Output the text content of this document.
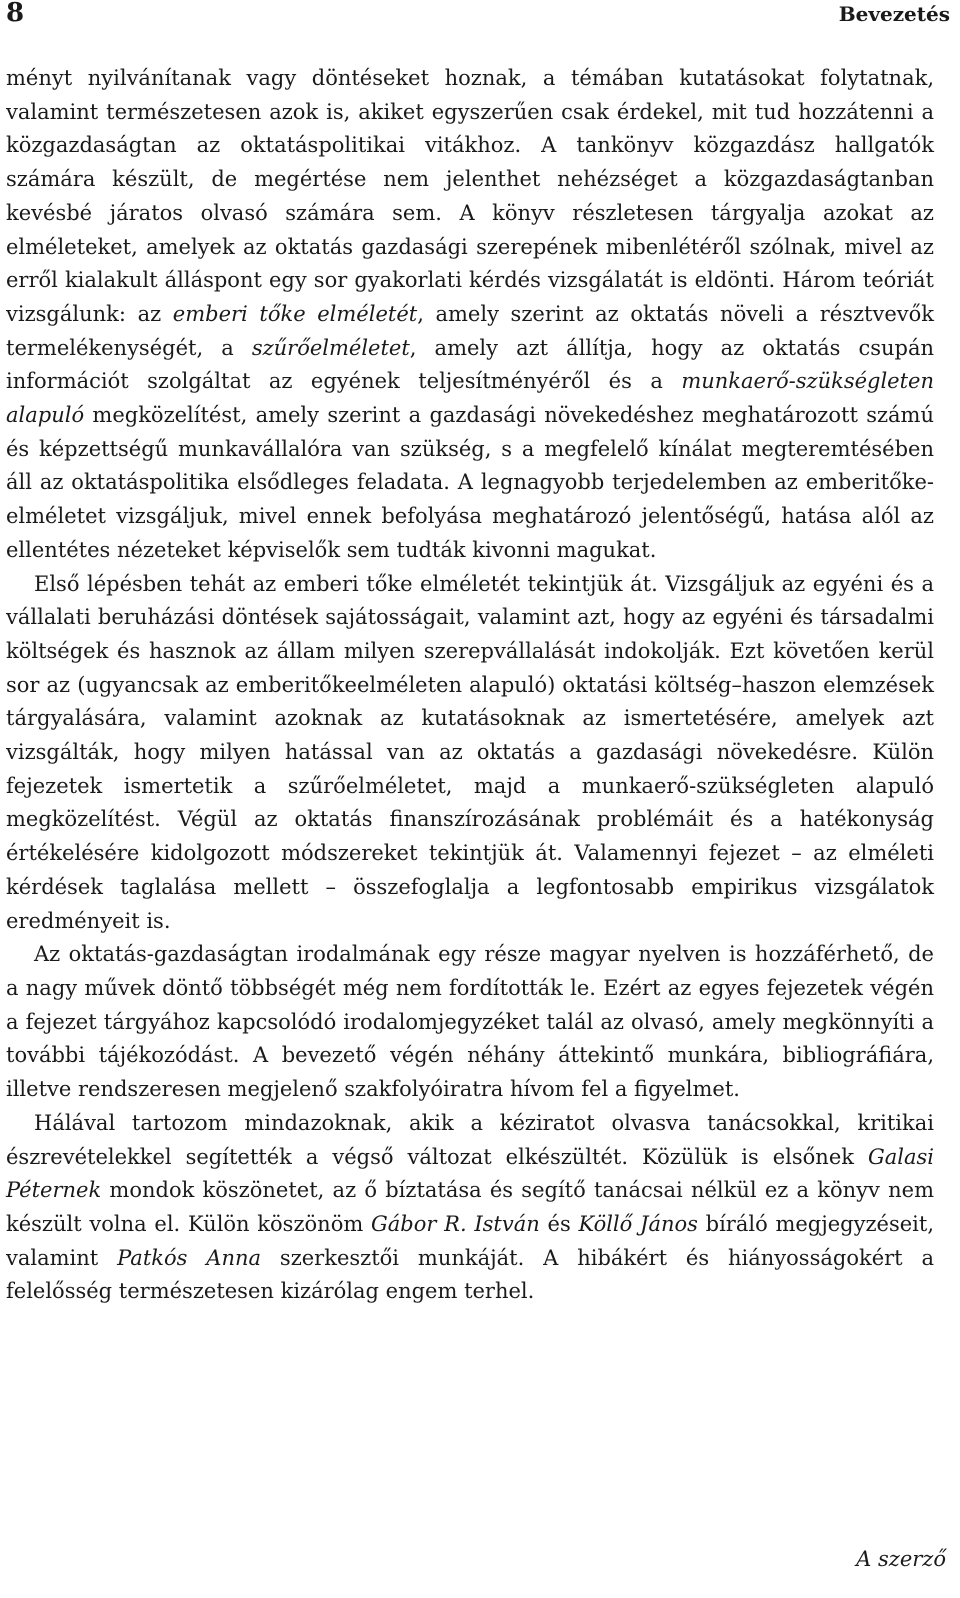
8	Bevezetés

ményt nyilvánítanak vagy döntéseket hoznak, a témában kutatásokat folytatnak, valamint természetesen azok is, akiket egyszerűen csak érdekel, mit tud hozzátenni a közgazdaságtan az oktatáspolitikai vitákhoz. A tankönyv közgazdász hallgatók számára készült, de megértése nem jelenthet nehézséget a közgazdaságtanban kevésbé járatos olvasó számára sem. A könyv részletesen tárgyalja azokat az elméleteket, amelyek az oktatás gazdasági szerepének mibenlétéről szólnak, mivel az erről kialakult álláspont egy sor gyakorlati kérdés vizsgálatát is eldönti. Három teóriát vizsgálunk: az emberi tőke elméletét, amely szerint az oktatás növeli a résztvevők termelékenységét, a szűrőelméletet, amely azt állítja, hogy az oktatás csupán információt szolgáltat az egyének teljesítményéről és a munkaerő-szükségleten alapuló megközelítést, amely szerint a gazdasági növekedéshez meghatározott számú és képzettségű munkavállalóra van szükség, s a megfelelő kínálat megteremtésében áll az oktatáspolitika elsődleges feladata. A legnagyobb terjedelemben az emberitőke-elméletet vizsgáljuk, mivel ennek befolyása meghatározó jelentőségű, hatása alól az ellentétes nézeteket képviselők sem tudták kivonni magukat.

Első lépésben tehát az emberi tőke elméletét tekintjük át. Vizsgáljuk az egyéni és a vállalati beruházási döntések sajátosságait, valamint azt, hogy az egyéni és társadalmi költségek és hasznok az állam milyen szerepvállalását indokolják. Ezt követően kerül sor az (ugyancsak az emberitőkeelméleten alapuló) oktatási költség–haszon elemzések tárgyalására, valamint azoknak az kutatásoknak az ismertetésére, amelyek azt vizsgálták, hogy milyen hatással van az oktatás a gazdasági növekedésre. Külön fejezetek ismertetik a szűrőelméletet, majd a munkaerő-szükségleten alapuló megközelítést. Végül az oktatás finanszírozásának problémáit és a hatékonyság értékelésére kidolgozott módszereket tekintjük át. Valamennyi fejezet – az elméleti kérdések taglalása mellett – összefoglalja a legfontosabb empirikus vizsgálatok eredményeit is.

Az oktatás-gazdaságtan irodalmának egy része magyar nyelven is hozzáférhető, de a nagy művek döntő többségét még nem fordították le. Ezért az egyes fejezetek végén a fejezet tárgyához kapcsolódó irodalomjegyzéket talál az olvasó, amely megkönnyíti a további tájékozódást. A bevezető végén néhány áttekintő munkára, bibliográfiára, illetve rendszeresen megjelenő szakfolyóiratra hívom fel a figyelmet.

Hálával tartozom mindazoknak, akik a kéziratot olvasva tanácsokkal, kritikai észrevételekkel segítették a végső változat elkészültét. Közülük is elsőnek Galasi Péternek mondok köszönetet, az ő bíztatása és segítő tanácsai nélkül ez a könyv nem készült volna el. Külön köszönöm Gábor R. István és Köllő János bíráló megjegyzéseit, valamint Patkós Anna szerkesztői munkáját. A hibákért és hiányosságokért a felelősség természetesen kizárólag engem terhel.

A szerző
